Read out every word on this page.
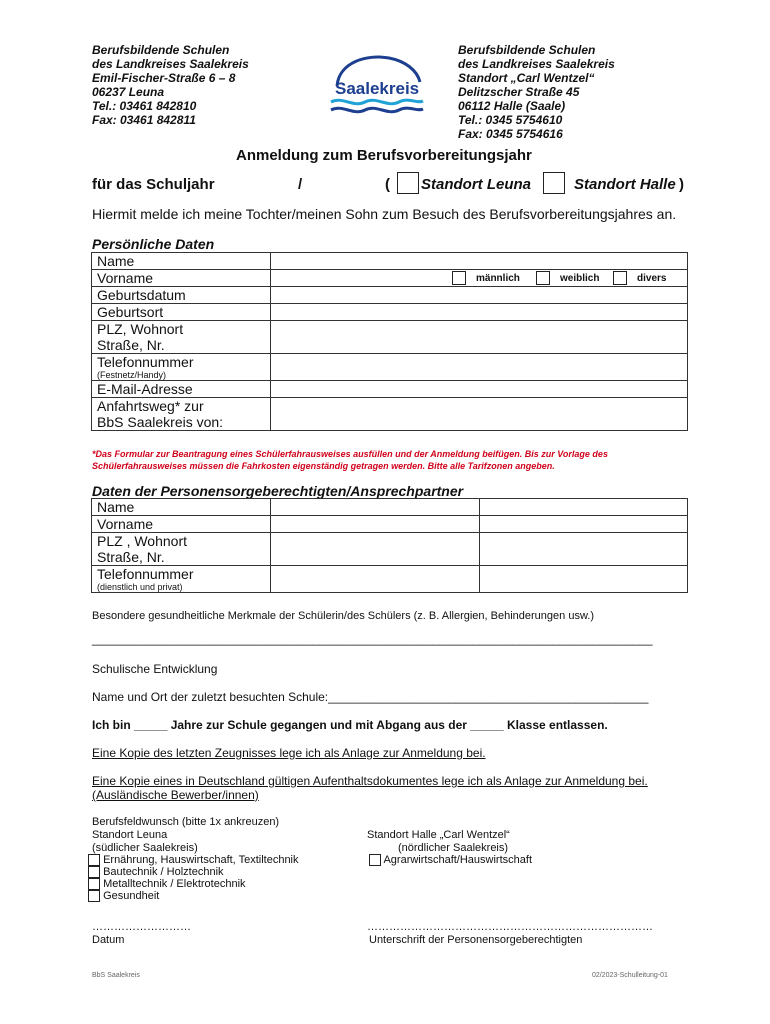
Berufsbildende Schulen
des Landkreises Saalekreis
Emil-Fischer-Straße 6 – 8
06237 Leuna
Tel.: 03461 842810
Fax: 03461 842811
Saalekreis
Berufsbildende Schulen
des Landkreises Saalekreis
Standort „Carl Wentzel“
Delitzscher Straße 45
06112 Halle (Saale)
Tel.: 0345 5754610
Fax: 0345 5754616
Anmeldung zum Berufsvorbereitungsjahr
für das Schuljahr	/	( Standort Leuna	Standort Halle )
Hiermit melde ich meine Tochter/meinen Sohn zum Besuch des Berufsvorbereitungsjahres an.
Persönliche Daten
Name	
Vorname	männlich weiblich divers

Geburtsdatum	
Geburtsort	

PLZ, Wohnort
Straße, Nr.	

Telefonnummer
(Festnetz/Handy)	

E-Mail-Adresse	

Anfahrtsweg* zur
BbS Saalekreis von:	

*Das Formular zur Beantragung eines Schülerfahrausweises ausfüllen und der Anmeldung beifügen. Bis zur Vorlage des Schülerfahrausweises müssen die Fahrkosten eigenständig getragen werden. Bitte alle Tarifzonen angeben.
Daten der Personensorgeberechtigten/Ansprechpartner
Name		
Vorname		

PLZ , Wohnort
Straße, Nr.		

Telefonnummer
(dienstlich und privat)		

Besondere gesundheitliche Merkmale der Schülerin/des Schülers (z. B. Allergien, Behinderungen usw.)
____________________________________________________________________________________
Schulische Entwicklung
Name und Ort der zuletzt besuchten Schule:________________________________________________
Ich bin _____ Jahre zur Schule gegangen und mit Abgang aus der _____ Klasse entlassen.
Eine Kopie des letzten Zeugnisses lege ich als Anlage zur Anmeldung bei.
Eine Kopie eines in Deutschland gültigen Aufenthaltsdokumentes lege ich als Anlage zur Anmeldung bei. (Ausländische Bewerber/innen)
Berufsfeldwunsch (bitte 1x ankreuzen)
Standort Leuna
(südlicher Saalekreis)
Ernährung, Hauswirtschaft, Textiltechnik
Bautechnik / Holztechnik
Metalltechnik / Elektrotechnik
Gesundheit
Standort Halle „Carl Wentzel“
(nördlicher Saalekreis)
Agrarwirtschaft/Hauswirtschaft
………………………	……………………………………………………………………
Datum	Unterschrift der Personensorgeberechtigten
BbS Saalekreis	02/2023-Schulleitung-01
